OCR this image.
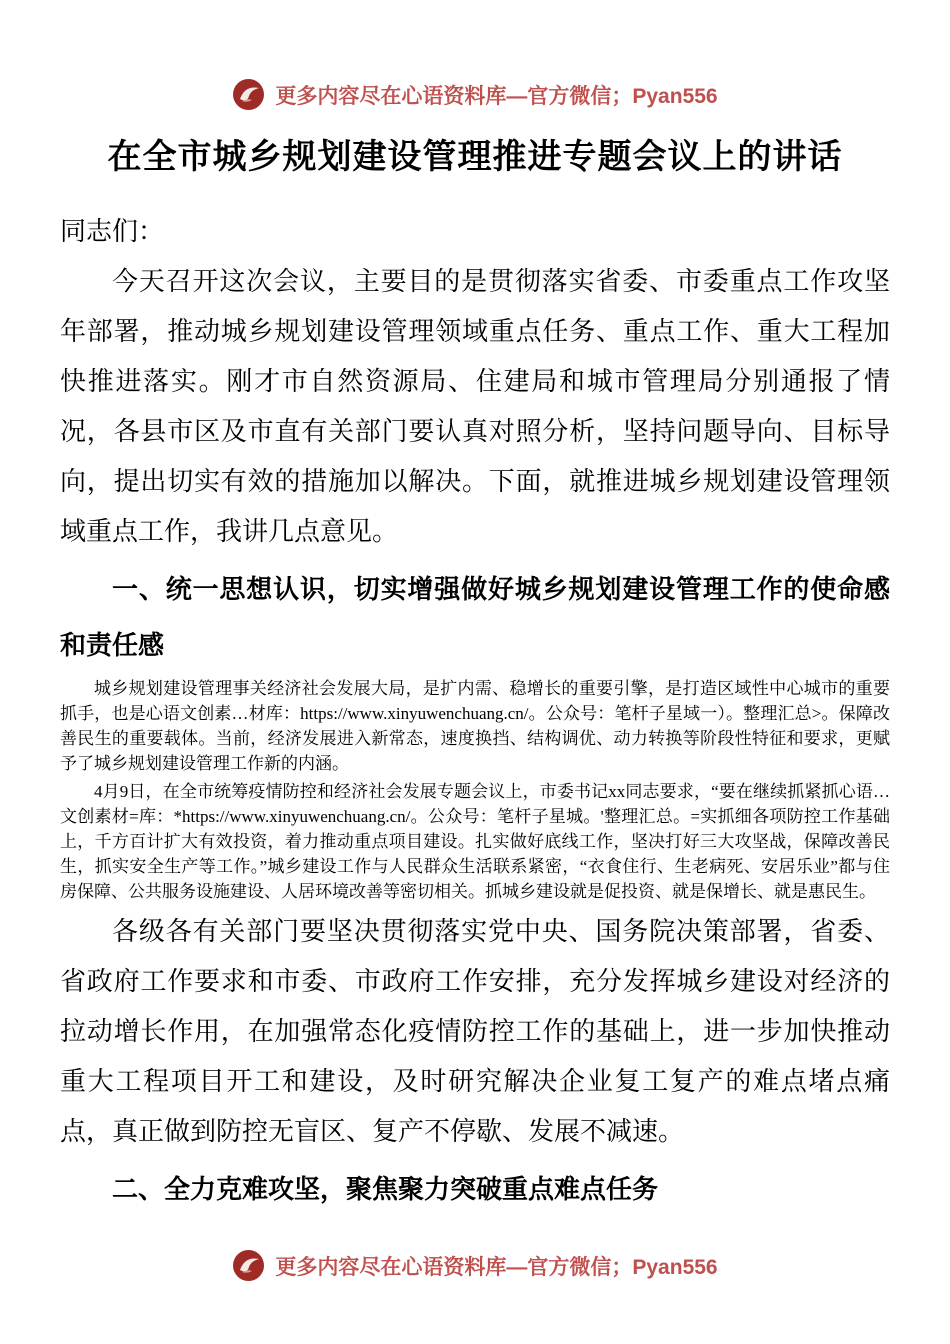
更多内容尽在心语资料库—官方微信；Pyan556
在全市城乡规划建设管理推进专题会议上的讲话

同志们：

今天召开这次会议，主要目的是贯彻落实省委、市委重点工作攻坚年部署，推动城乡规划建设管理领域重点任务、重点工作、重大工程加快推进落实。刚才市自然资源局、住建局和城市管理局分别通报了情况，各县市区及市直有关部门要认真对照分析，坚持问题导向、目标导向，提出切实有效的措施加以解决。下面，就推进城乡规划建设管理领域重点工作，我讲几点意见。

一、统一思想认识，切实增强做好城乡规划建设管理工作的使命感和责任感

城乡规划建设管理事关经济社会发展大局，是扩内需、稳增长的重要引擎，是打造区域性中心城市的重要抓手，也是心语文创素…材库：https://www.xinyuwenchuang.cn/。公众号：笔杆子星域一）。整理汇总>。保障改善民生的重要载体。当前，经济发展进入新常态，速度换挡、结构调优、动力转换等阶段性特征和要求，更赋予了城乡规划建设管理工作新的内涵。

4月9日，在全市统筹疫情防控和经济社会发展专题会议上，市委书记xx同志要求，“要在继续抓紧抓心语…文创素材=库：*https://www.xinyuwenchuang.cn/。公众号：笔杆子星城。'整理汇总。=实抓细各项防控工作基础上，千方百计扩大有效投资，着力推动重点项目建设。扎实做好底线工作，坚决打好三大攻坚战，保障改善民生，抓实安全生产等工作。”城乡建设工作与人民群众生活联系紧密，“衣食住行、生老病死、安居乐业”都与住房保障、公共服务设施建设、人居环境改善等密切相关。抓城乡建设就是促投资、就是保增长、就是惠民生。

各级各有关部门要坚决贯彻落实党中央、国务院决策部署，省委、省政府工作要求和市委、市政府工作安排，充分发挥城乡建设对经济的拉动增长作用，在加强常态化疫情防控工作的基础上，进一步加快推动重大工程项目开工和建设，及时研究解决企业复工复产的难点堵点痛点，真正做到防控无盲区、复产不停歇、发展不减速。

二、全力克难攻坚，聚焦聚力突破重点难点任务

更多内容尽在心语资料库—官方微信；Pyan556
